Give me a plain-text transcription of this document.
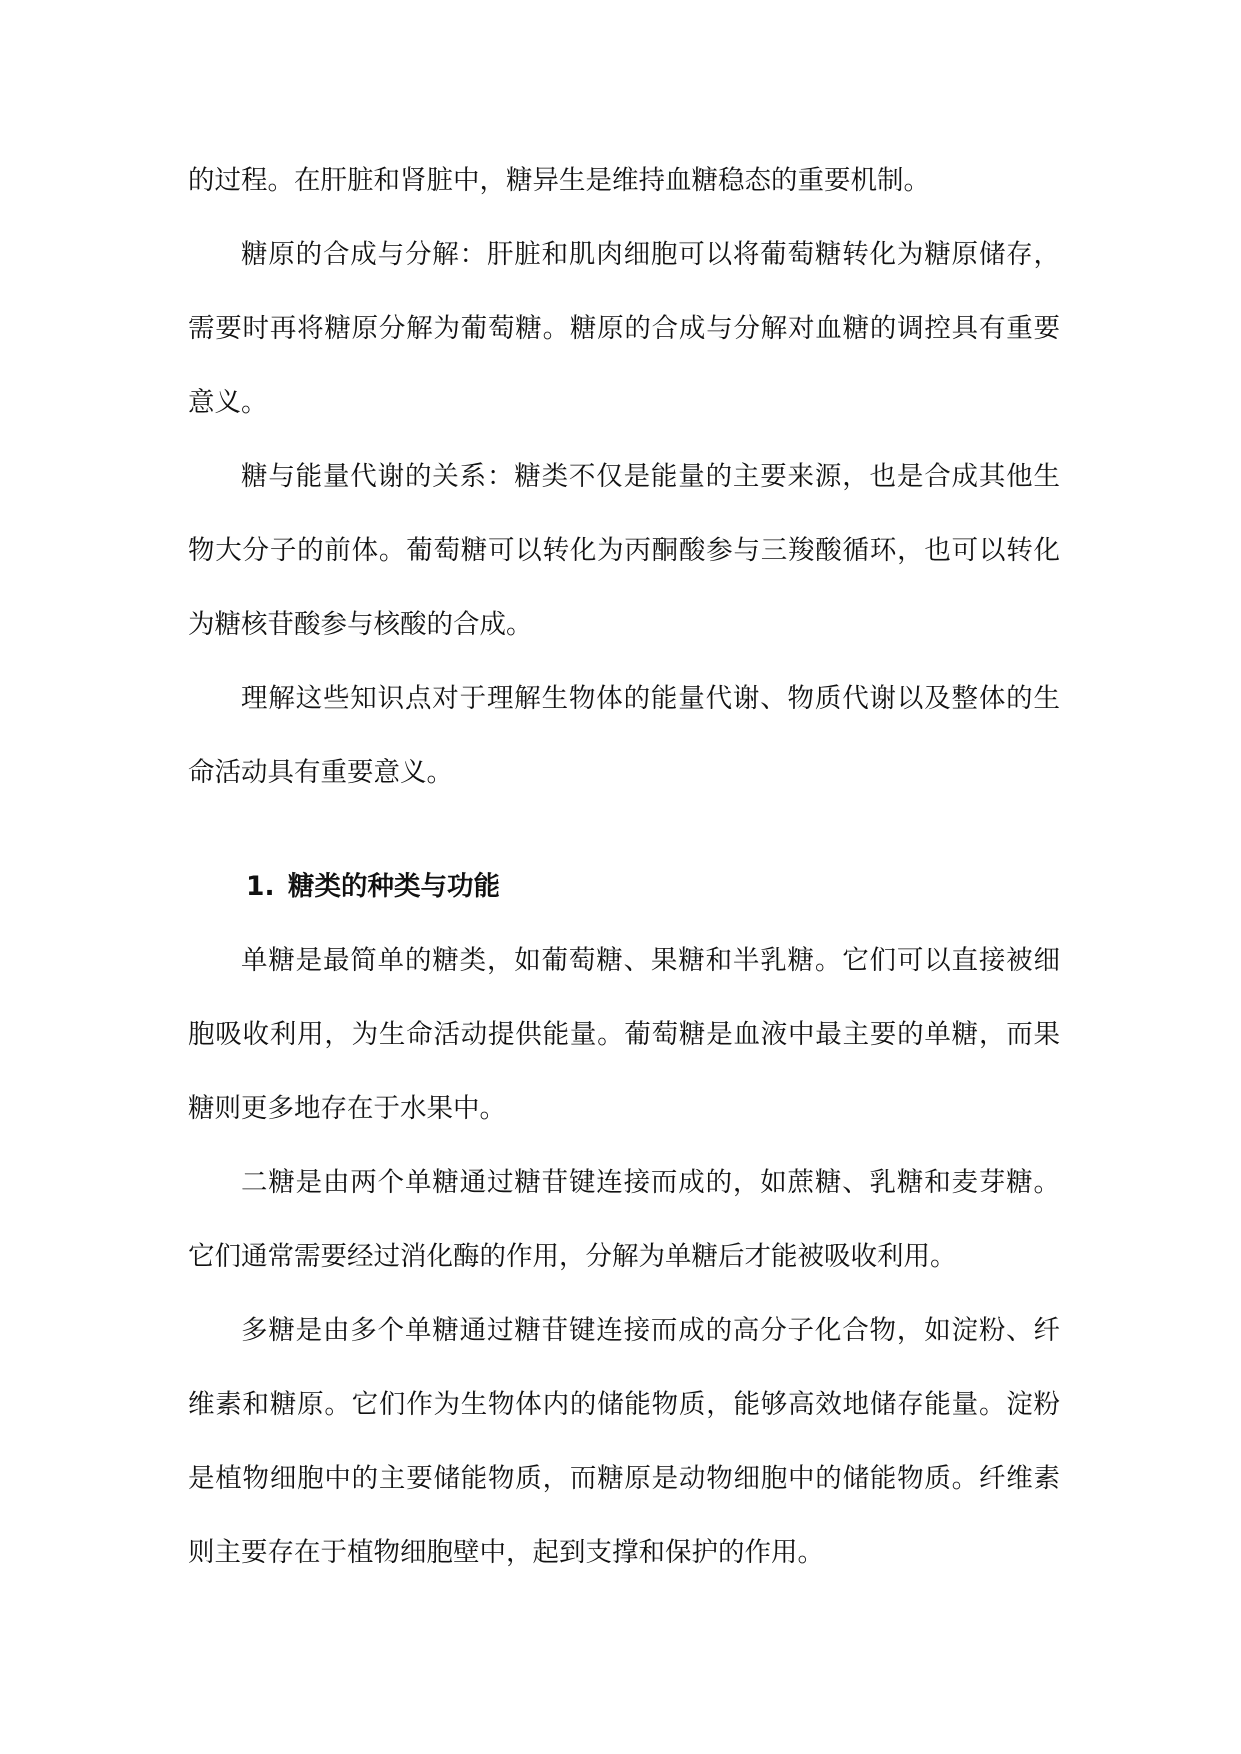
的过程。在肝脏和肾脏中，糖异生是维持血糖稳态的重要机制。

糖原的合成与分解：肝脏和肌肉细胞可以将葡萄糖转化为糖原储存，需要时再将糖原分解为葡萄糖。糖原的合成与分解对血糖的调控具有重要意义。

糖与能量代谢的关系：糖类不仅是能量的主要来源，也是合成其他生物大分子的前体。葡萄糖可以转化为丙酮酸参与三羧酸循环，也可以转化为糖核苷酸参与核酸的合成。

理解这些知识点对于理解生物体的能量代谢、物质代谢以及整体的生命活动具有重要意义。

1. 糖类的种类与功能

单糖是最简单的糖类，如葡萄糖、果糖和半乳糖。它们可以直接被细胞吸收利用，为生命活动提供能量。葡萄糖是血液中最主要的单糖，而果糖则更多地存在于水果中。

二糖是由两个单糖通过糖苷键连接而成的，如蔗糖、乳糖和麦芽糖。它们通常需要经过消化酶的作用，分解为单糖后才能被吸收利用。

多糖是由多个单糖通过糖苷键连接而成的高分子化合物，如淀粉、纤维素和糖原。它们作为生物体内的储能物质，能够高效地储存能量。淀粉是植物细胞中的主要储能物质，而糖原是动物细胞中的储能物质。纤维素则主要存在于植物细胞壁中，起到支撑和保护的作用。
